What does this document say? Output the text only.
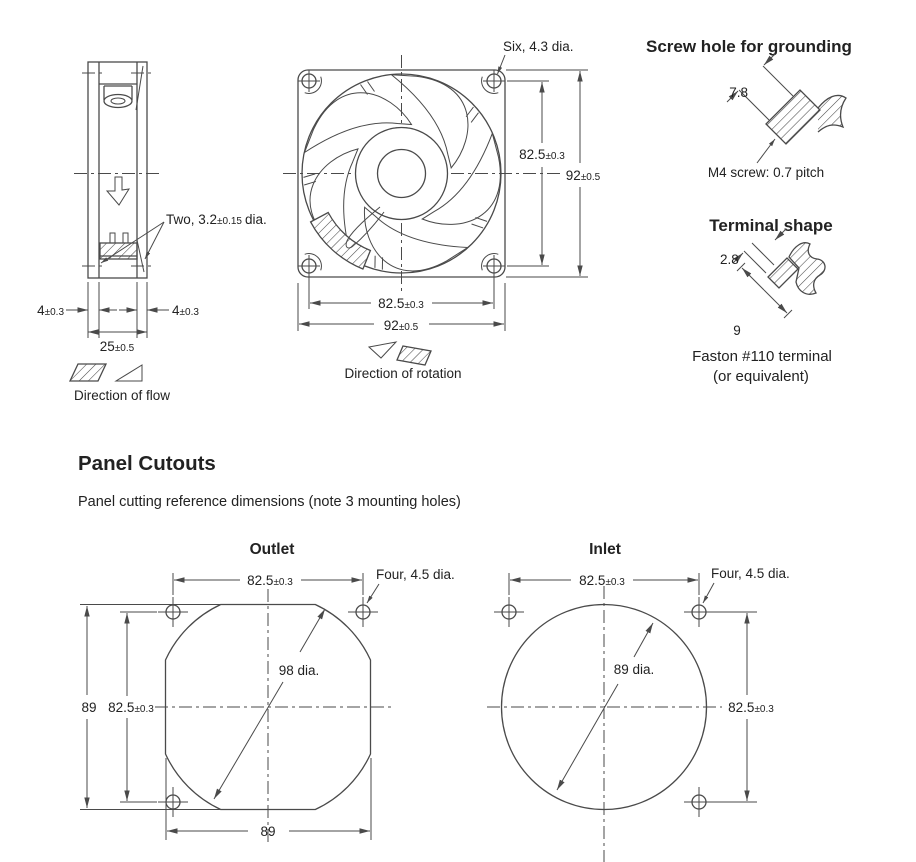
Two, 3.2±0.15 dia.
4±0.3	4±0.3
25±0.5
Direction of flow
Six, 4.3 dia.
82.5±0.3
92±0.5
82.5±0.3
92±0.5
Direction of rotation
Screw hole for grounding
7.8
M4 screw: 0.7 pitch
Terminal shape
2.8
9
Faston #110 terminal
(or equivalent)
Panel Cutouts
Panel cutting reference dimensions (note 3 mounting holes)
Outlet
82.5±0.3
Four, 4.5 dia.
89 82.5±0.3
98 dia.
89
Inlet
82.5±0.3
Four, 4.5 dia.
89 dia.
82.5±0.3
